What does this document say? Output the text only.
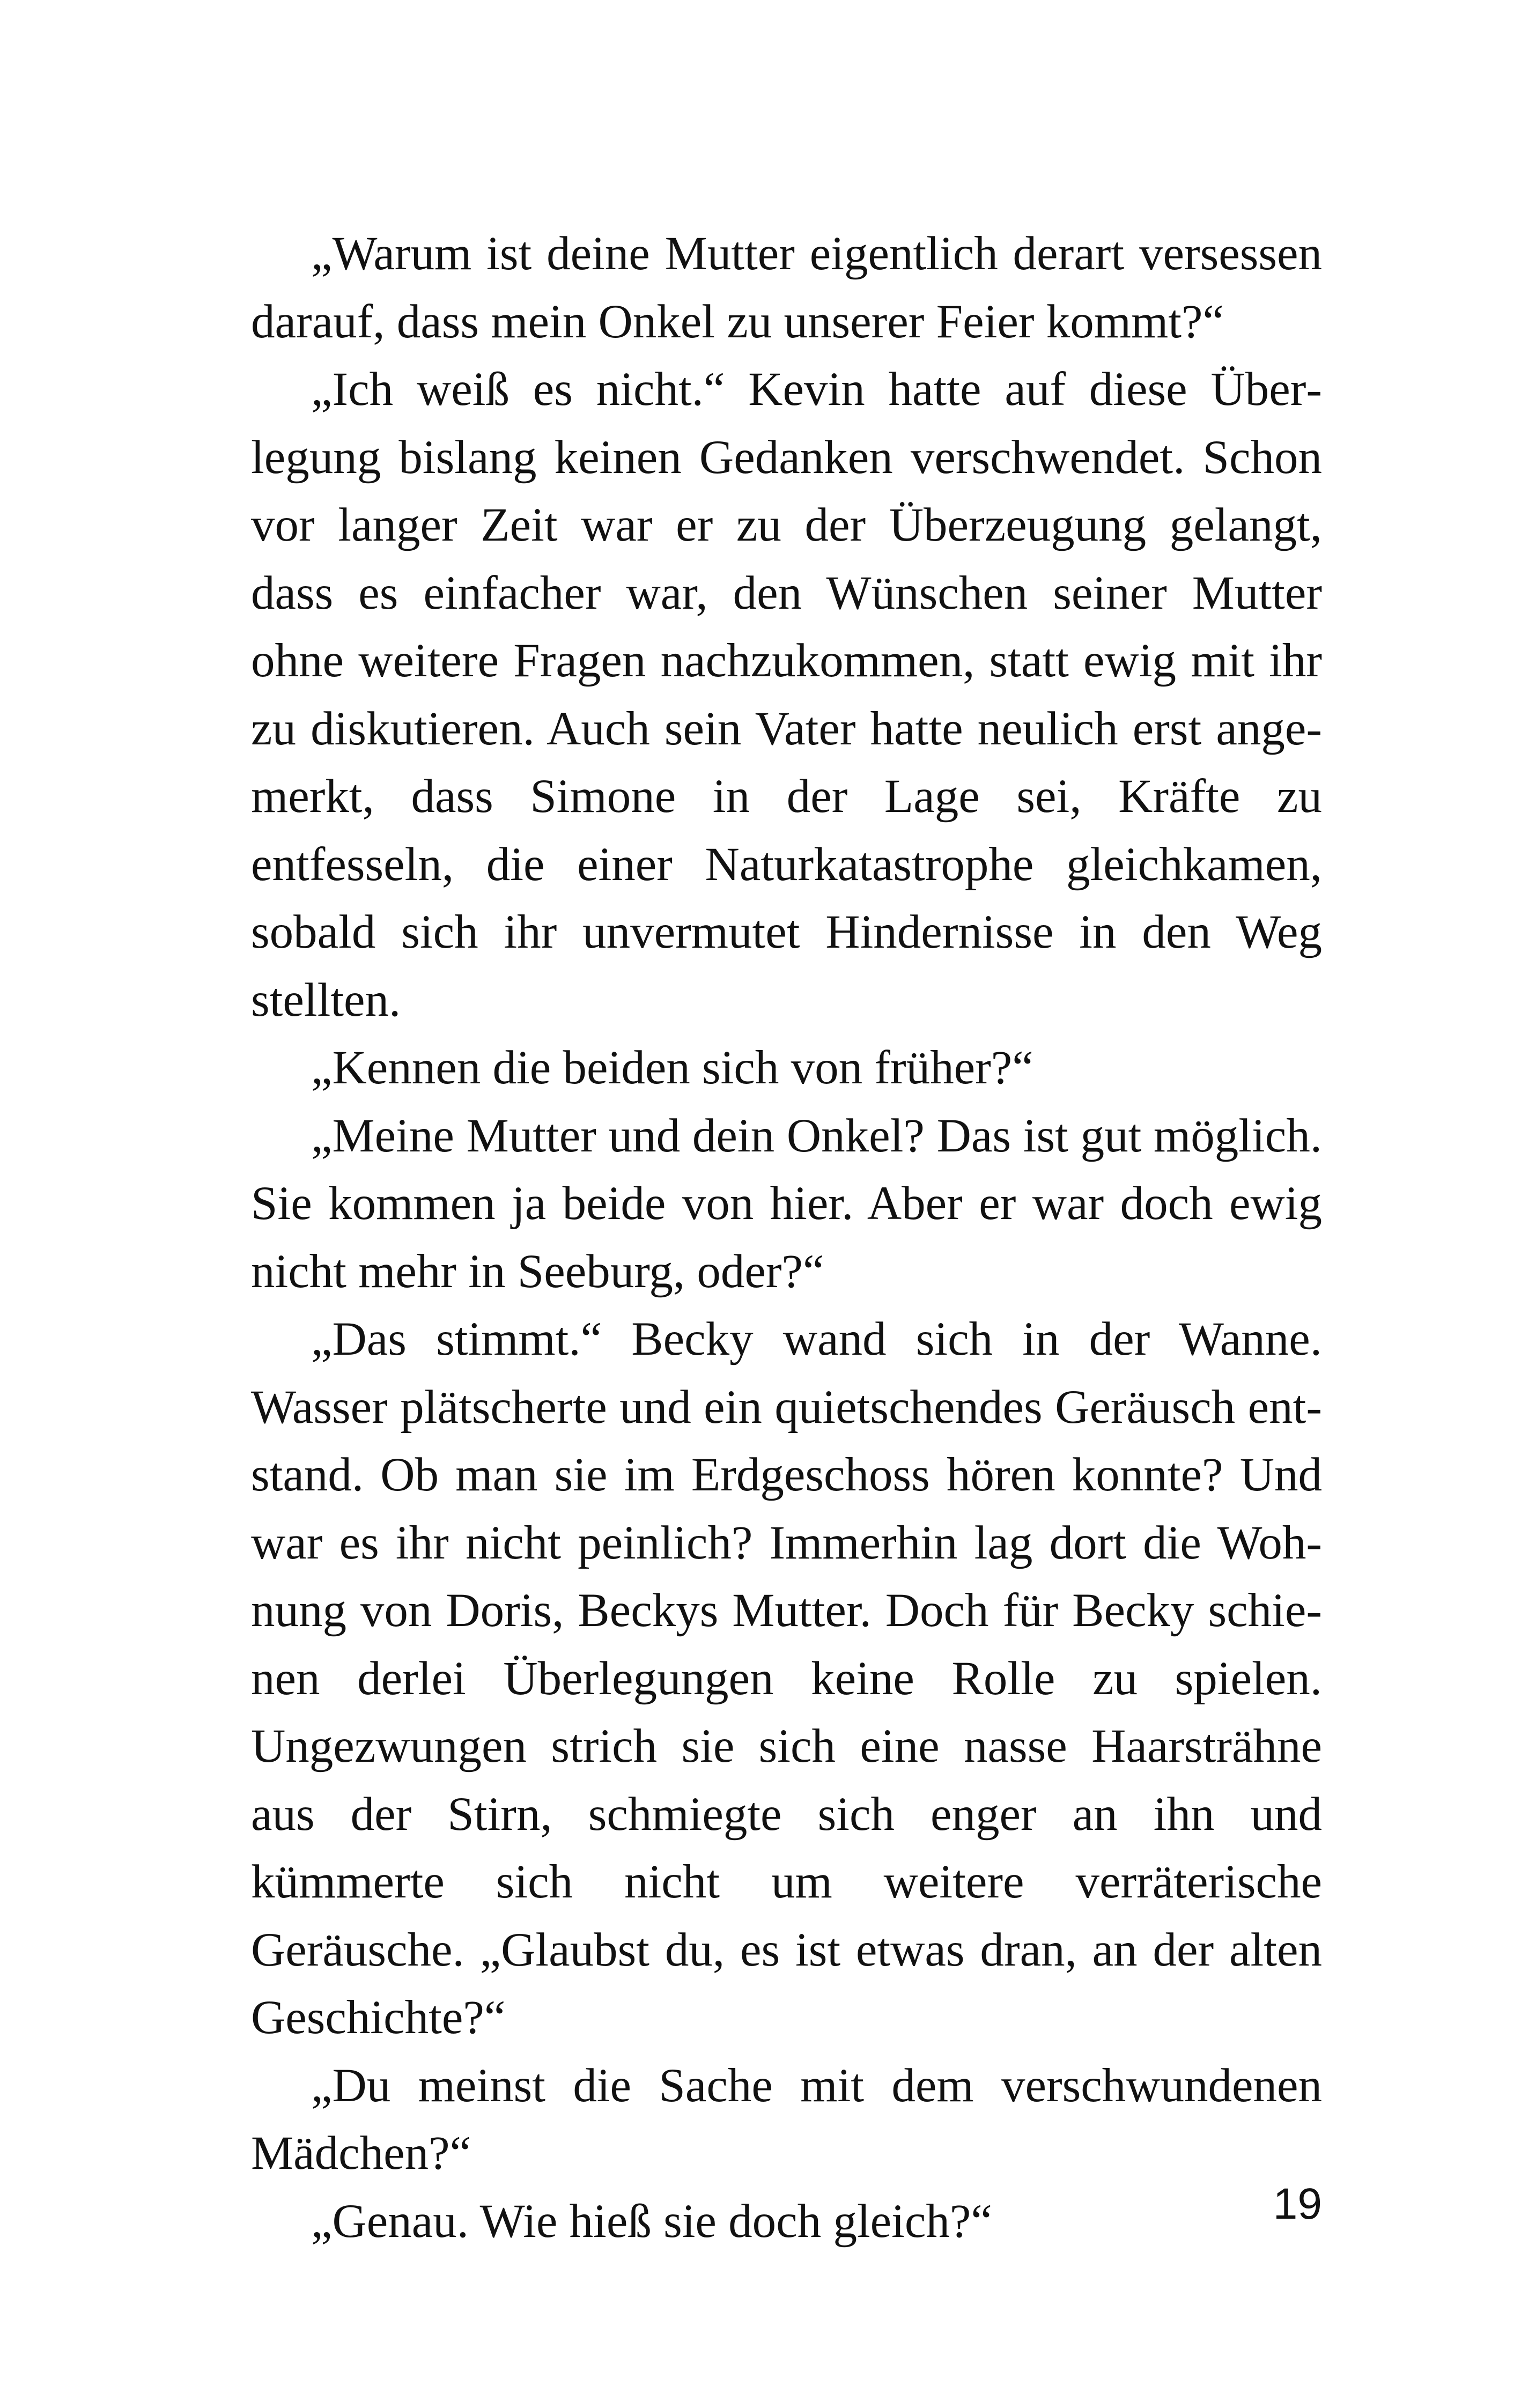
„Warum ist deine Mutter eigentlich derart versessen darauf, dass mein Onkel zu unserer Feier kommt?“

„Ich weiß es nicht.“ Kevin hatte auf diese Überlegung bislang keinen Gedanken verschwendet. Schon vor langer Zeit war er zu der Überzeugung gelangt, dass es einfacher war, den Wünschen seiner Mutter ohne weitere Fragen nachzukommen, statt ewig mit ihr zu diskutieren. Auch sein Vater hatte neulich erst angemerkt, dass Simone in der Lage sei, Kräfte zu entfesseln, die einer Naturkatastrophe gleichkamen, sobald sich ihr unvermutet Hindernisse in den Weg stellten.

„Kennen die beiden sich von früher?“

„Meine Mutter und dein Onkel? Das ist gut möglich. Sie kommen ja beide von hier. Aber er war doch ewig nicht mehr in Seeburg, oder?“

„Das stimmt.“ Becky wand sich in der Wanne. Wasser plätscherte und ein quietschendes Geräusch entstand. Ob man sie im Erdgeschoss hören konnte? Und war es ihr nicht peinlich? Immerhin lag dort die Wohnung von Doris, Beckys Mutter. Doch für Becky schienen derlei Überlegungen keine Rolle zu spielen. Ungezwungen strich sie sich eine nasse Haarsträhne aus der Stirn, schmiegte sich enger an ihn und kümmerte sich nicht um weitere verräterische Geräusche. „Glaubst du, es ist etwas dran, an der alten Geschichte?“

„Du meinst die Sache mit dem verschwundenen Mädchen?“

„Genau. Wie hieß sie doch gleich?“	19
